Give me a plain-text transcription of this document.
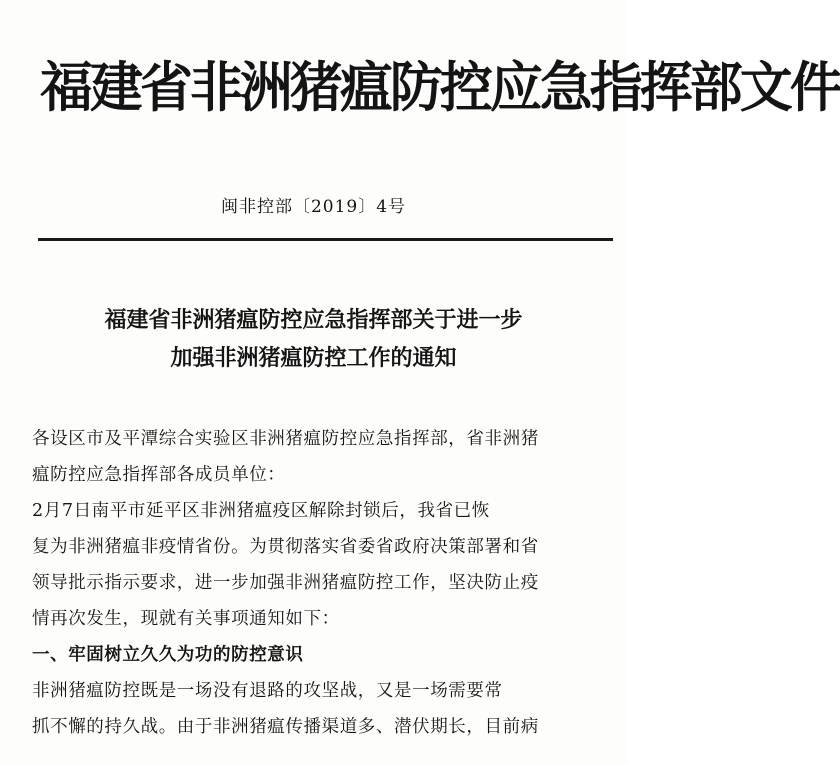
福建省非洲猪瘟防控应急指挥部文件
闽非控部〔2019〕4号
福建省非洲猪瘟防控应急指挥部关于进一步
加强非洲猪瘟防控工作的通知
各设区市及平潭综合实验区非洲猪瘟防控应急指挥部，省非洲猪
瘟防控应急指挥部各成员单位：
2月7日南平市延平区非洲猪瘟疫区解除封锁后，我省已恢
复为非洲猪瘟非疫情省份。为贯彻落实省委省政府决策部署和省
领导批示指示要求，进一步加强非洲猪瘟防控工作，坚决防止疫
情再次发生，现就有关事项通知如下：
一、牢固树立久久为功的防控意识
非洲猪瘟防控既是一场没有退路的攻坚战，又是一场需要常
抓不懈的持久战。由于非洲猪瘟传播渠道多、潜伏期长，目前病
